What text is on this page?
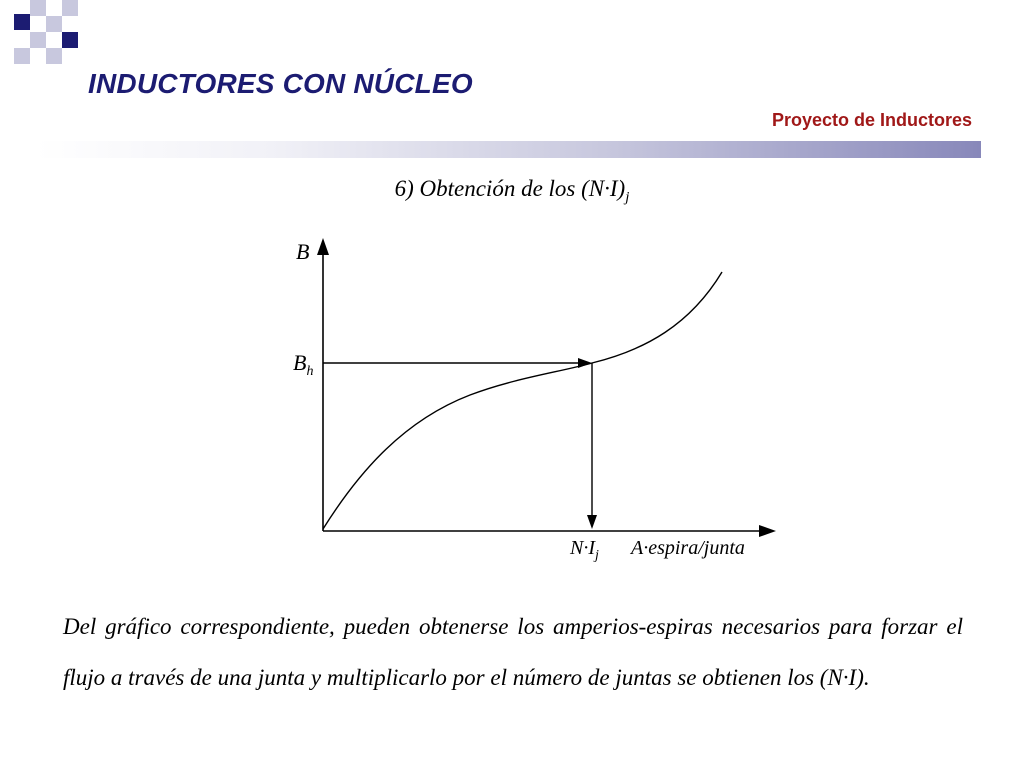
INDUCTORES CON NÚCLEO
Proyecto de Inductores
6) Obtención de los $(N\cdot I)_j$
B
$B_h$
$N\cdot I_j$ A·espira/junta

Del gráfico correspondiente, pueden obtenerse los amperios-espiras necesarios para forzar el flujo a través de una junta y multiplicarlo por el número de juntas se obtienen los (N·I).
